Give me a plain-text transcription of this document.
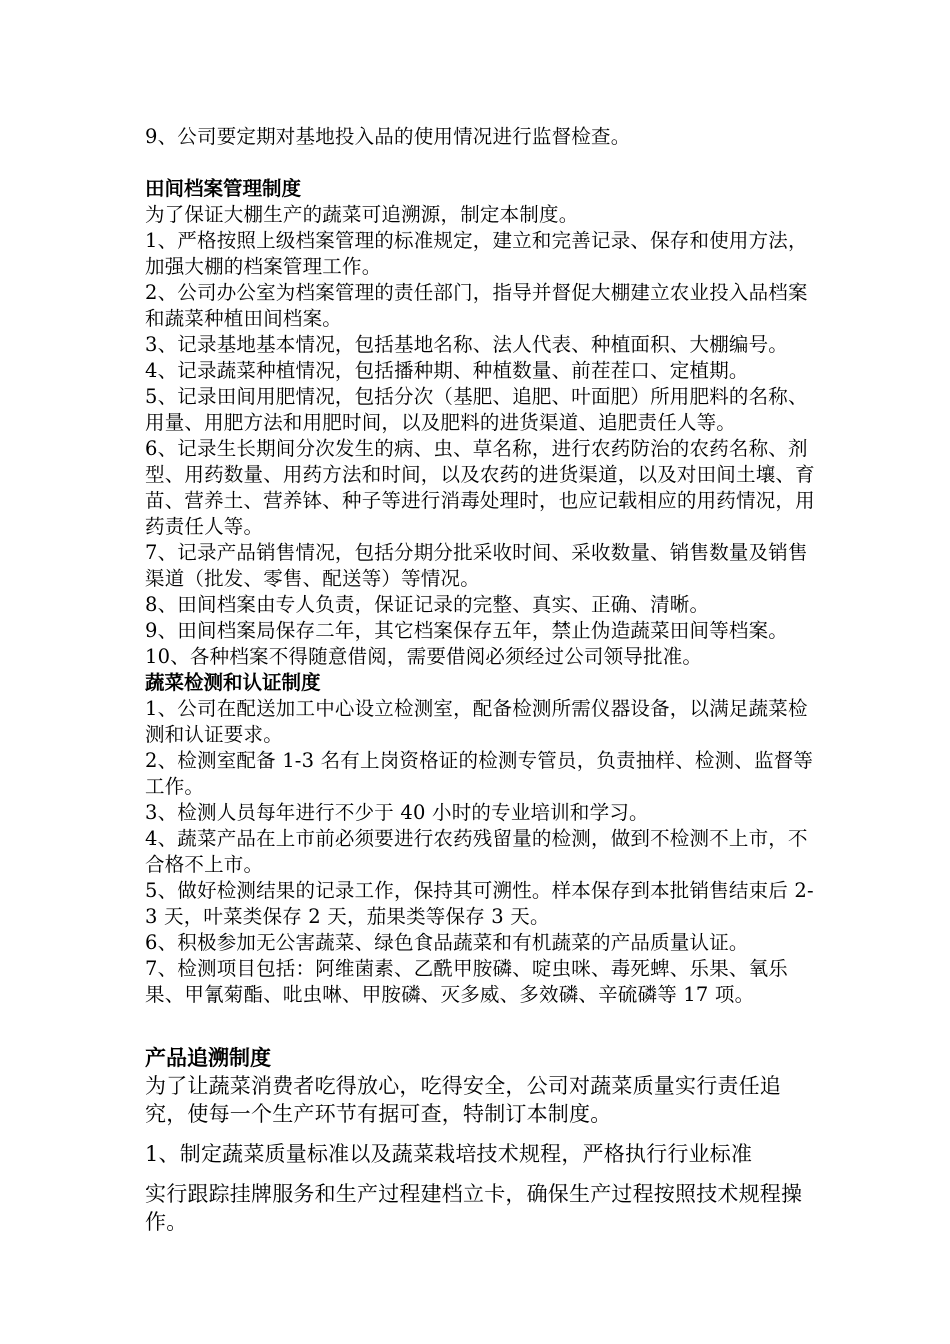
9、公司要定期对基地投入品的使用情况进行监督检查。

田间档案管理制度

为了保证大棚生产的蔬菜可追溯源，制定本制度。

1、严格按照上级档案管理的标准规定，建立和完善记录、保存和使用方法，加强大棚的档案管理工作。

2、公司办公室为档案管理的责任部门，指导并督促大棚建立农业投入品档案和蔬菜种植田间档案。

3、记录基地基本情况，包括基地名称、法人代表、种植面积、大棚编号。

4、记录蔬菜种植情况，包括播种期、种植数量、前茬茬口、定植期。

5、记录田间用肥情况，包括分次（基肥、追肥、叶面肥）所用肥料的名称、用量、用肥方法和用肥时间，以及肥料的进货渠道、追肥责任人等。

6、记录生长期间分次发生的病、虫、草名称，进行农药防治的农药名称、剂型、用药数量、用药方法和时间，以及农药的进货渠道，以及对田间土壤、育苗、营养土、营养钵、种子等进行消毒处理时，也应记载相应的用药情况，用药责任人等。

7、记录产品销售情况，包括分期分批采收时间、采收数量、销售数量及销售渠道（批发、零售、配送等）等情况。

8、田间档案由专人负责，保证记录的完整、真实、正确、清晰。

9、田间档案局保存二年，其它档案保存五年，禁止伪造蔬菜田间等档案。

10、各种档案不得随意借阅，需要借阅必须经过公司领导批准。

蔬菜检测和认证制度

1、公司在配送加工中心设立检测室，配备检测所需仪器设备，以满足蔬菜检测和认证要求。

2、检测室配备 1-3 名有上岗资格证的检测专管员，负责抽样、检测、监督等工作。

3、检测人员每年进行不少于 40 小时的专业培训和学习。

4、蔬菜产品在上市前必须要进行农药残留量的检测，做到不检测不上市，不合格不上市。

5、做好检测结果的记录工作，保持其可溯性。样本保存到本批销售结束后 2-3 天，叶菜类保存 2 天，茄果类等保存 3 天。

6、积极参加无公害蔬菜、绿色食品蔬菜和有机蔬菜的产品质量认证。

7、检测项目包括：阿维菌素、乙酰甲胺磷、啶虫咪、毒死蜱、乐果、氧乐果、甲氰菊酯、吡虫啉、甲胺磷、灭多威、多效磷、辛硫磷等 17 项。

产品追溯制度

为了让蔬菜消费者吃得放心，吃得安全，公司对蔬菜质量实行责任追究，使每一个生产环节有据可查，特制订本制度。

1、制定蔬菜质量标准以及蔬菜栽培技术规程，严格执行行业标准

实行跟踪挂牌服务和生产过程建档立卡，确保生产过程按照技术规程操作。
